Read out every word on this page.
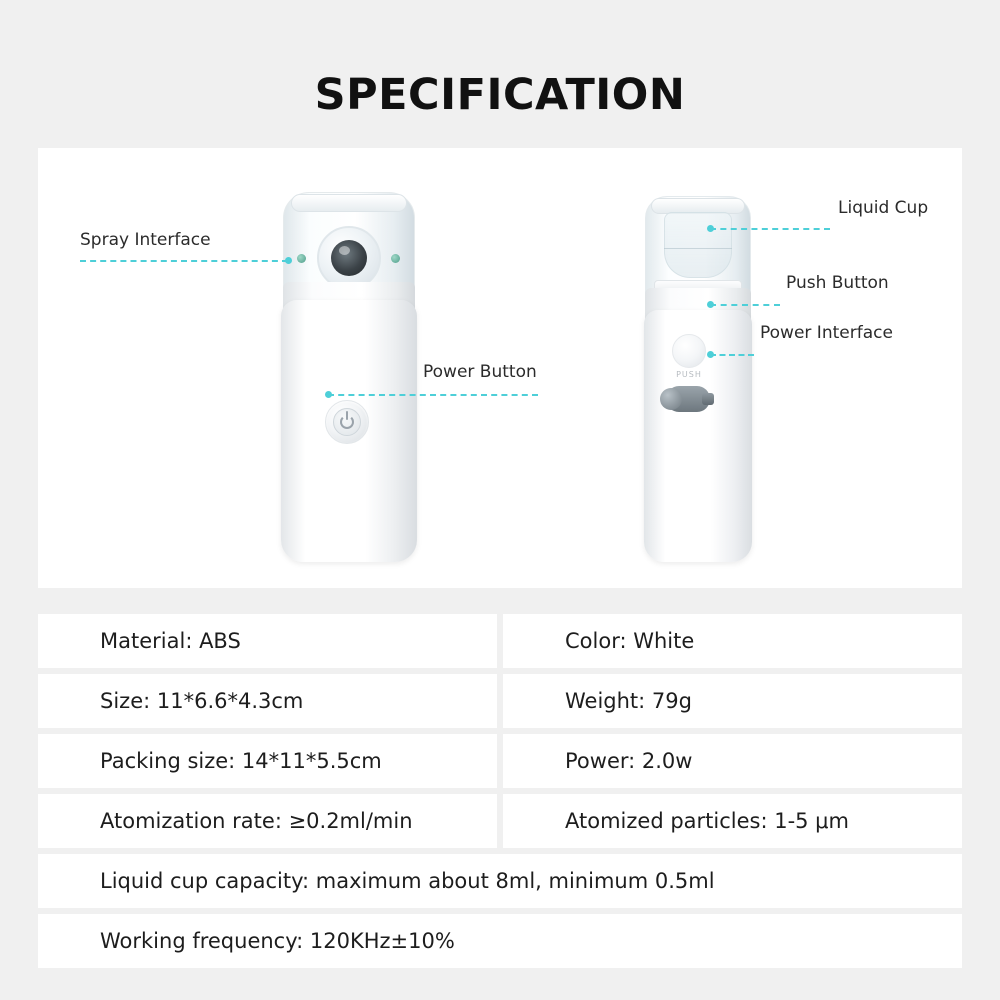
SPECIFICATION
PUSH
Spray Interface
Power Button
Liquid Cup
Push Button
Power Interface
Material: ABS	Color: White
Size: 11*6.6*4.3cm	Weight: 79g
Packing size: 14*11*5.5cm	Power: 2.0w
Atomization rate: ≥0.2ml/min	Atomized particles: 1-5 μm
Liquid cup capacity: maximum about 8ml, minimum 0.5ml
Working frequency: 120KHz±10%
